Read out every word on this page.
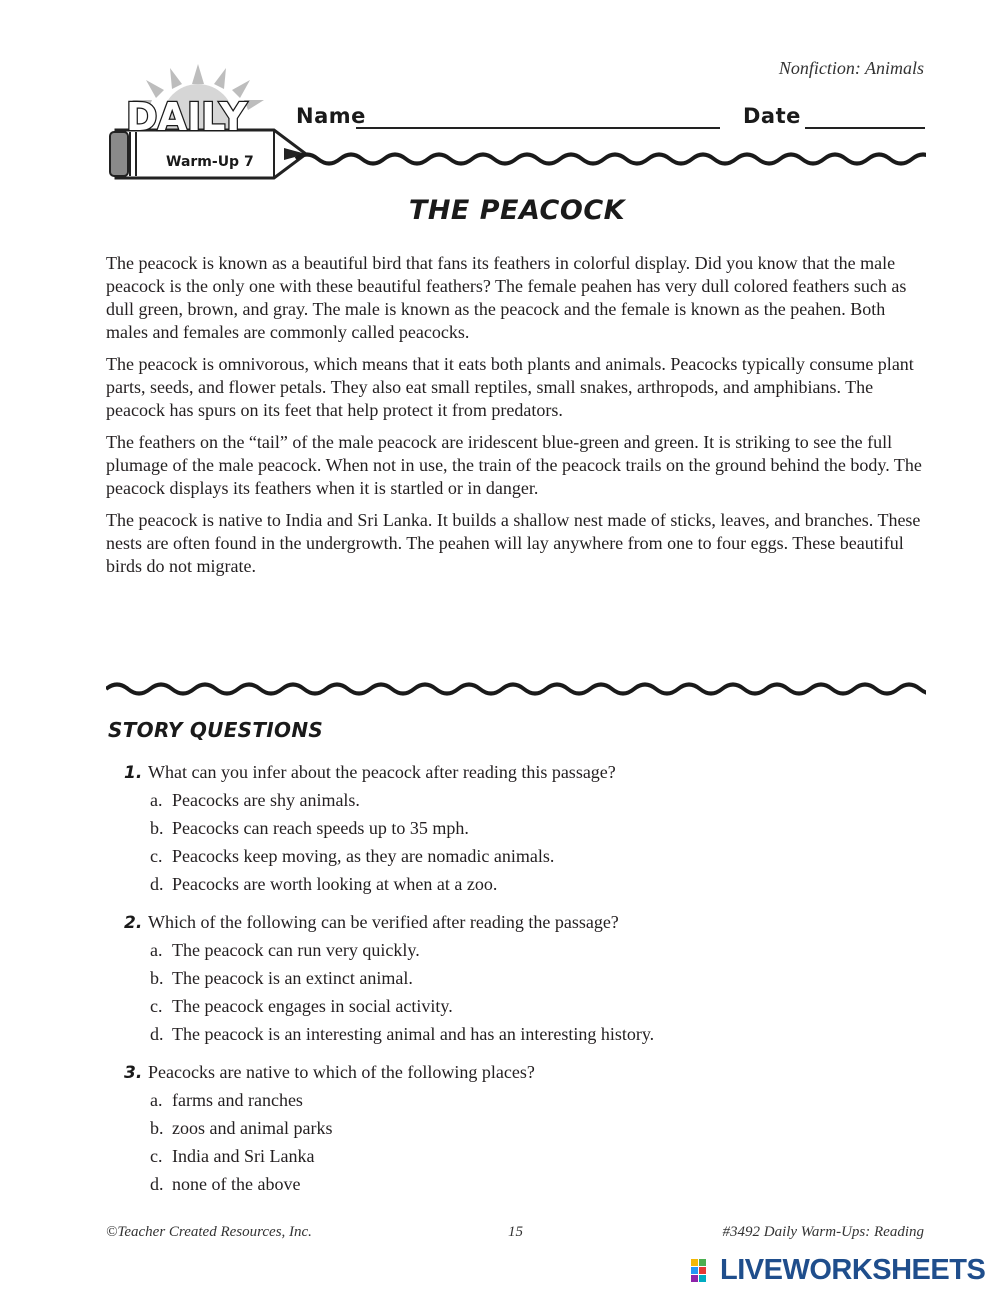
Nonfiction: Animals
DAILY
Warm-Up 7
Name	Date
THE PEACOCK

The peacock is known as a beautiful bird that fans its feathers in colorful display. Did you know that the male peacock is the only one with these beautiful feathers? The female peahen has very dull colored feathers such as dull green, brown, and gray. The male is known as the peacock and the female is known as the peahen. Both males and females are commonly called peacocks.

The peacock is omnivorous, which means that it eats both plants and animals. Peacocks typically consume plant parts, seeds, and flower petals. They also eat small reptiles, small snakes, arthropods, and amphibians. The peacock has spurs on its feet that help protect it from predators.

The feathers on the “tail” of the male peacock are iridescent blue-green and green. It is striking to see the full plumage of the male peacock. When not in use, the train of the peacock trails on the ground behind the body. The peacock displays its feathers when it is startled or in danger.

The peacock is native to India and Sri Lanka. It builds a shallow nest made of sticks, leaves, and branches. These nests are often found in the undergrowth. The peahen will lay anywhere from one to four eggs. These beautiful birds do not migrate.

STORY QUESTIONS
1. What can you infer about the peacock after reading this passage?
a. Peacocks are shy animals.
b. Peacocks can reach speeds up to 35 mph.
c. Peacocks keep moving, as they are nomadic animals.
d. Peacocks are worth looking at when at a zoo.
2. Which of the following can be verified after reading the passage?
a. The peacock can run very quickly.
b. The peacock is an extinct animal.
c. The peacock engages in social activity.
d. The peacock is an interesting animal and has an interesting history.
3. Peacocks are native to which of the following places?
a. farms and ranches
b. zoos and animal parks
c. India and Sri Lanka
d. none of the above
©Teacher Created Resources, Inc.	15	#3492 Daily Warm-Ups: Reading
LIVEWORKSHEETS
